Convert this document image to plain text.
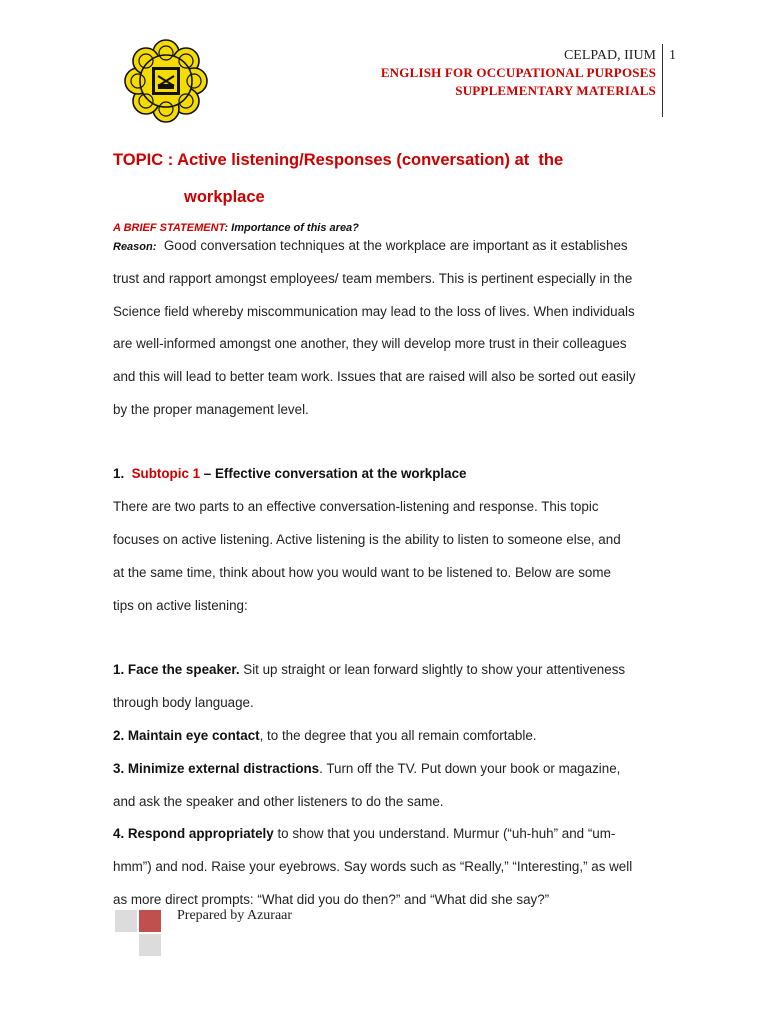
CELPAD, IIUM
ENGLISH FOR OCCUPATIONAL PURPOSES
SUPPLEMENTARY MATERIALS
1
TOPIC : Active listening/Responses (conversation) at  the
workplace
A BRIEF STATEMENT: Importance of this area?
Reason: Good conversation techniques at the workplace are important as it establishes
trust and rapport amongst employees/ team members. This is pertinent especially in the
Science field whereby miscommunication may lead to the loss of lives. When individuals
are well-informed amongst one another, they will develop more trust in their colleagues
and this will lead to better team work. Issues that are raised will also be sorted out easily
by the proper management level.
1. Subtopic 1 – Effective conversation at the workplace
There are two parts to an effective conversation-listening and response. This topic
focuses on active listening. Active listening is the ability to listen to someone else, and
at the same time, think about how you would want to be listened to. Below are some
tips on active listening:
1. Face the speaker. Sit up straight or lean forward slightly to show your attentiveness
through body language.
2. Maintain eye contact, to the degree that you all remain comfortable.
3. Minimize external distractions. Turn off the TV. Put down your book or magazine,
and ask the speaker and other listeners to do the same.
4. Respond appropriately to show that you understand. Murmur (“uh-huh” and “um-
hmm”) and nod. Raise your eyebrows. Say words such as “Really,” “Interesting,” as well
as more direct prompts: “What did you do then?” and “What did she say?”
Prepared by Azuraar
